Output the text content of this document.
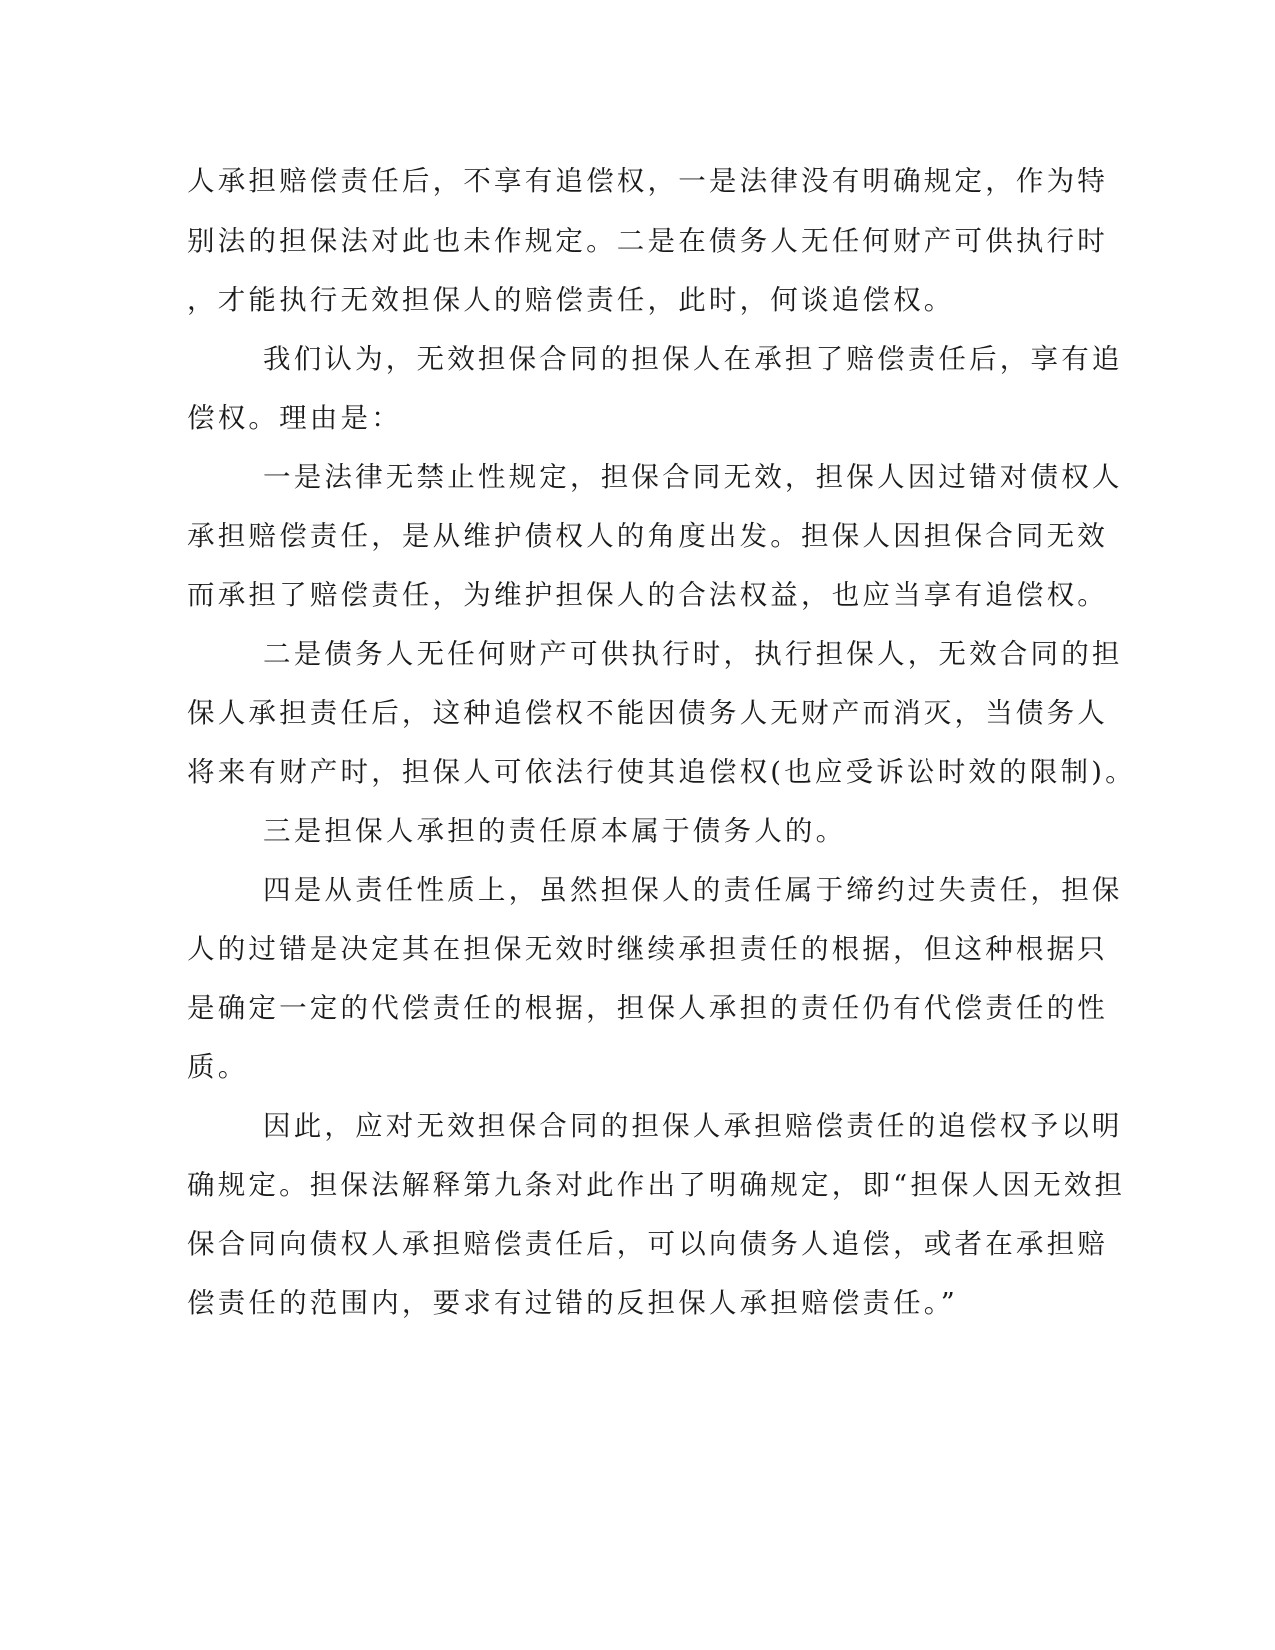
人承担赔偿责任后，不享有追偿权，一是法律没有明确规定，作为特
别法的担保法对此也未作规定。二是在债务人无任何财产可供执行时
，才能执行无效担保人的赔偿责任，此时，何谈追偿权。
我们认为，无效担保合同的担保人在承担了赔偿责任后，享有追
偿权。理由是：
一是法律无禁止性规定，担保合同无效，担保人因过错对债权人
承担赔偿责任，是从维护债权人的角度出发。担保人因担保合同无效
而承担了赔偿责任，为维护担保人的合法权益，也应当享有追偿权。
二是债务人无任何财产可供执行时，执行担保人，无效合同的担
保人承担责任后，这种追偿权不能因债务人无财产而消灭，当债务人
将来有财产时，担保人可依法行使其追偿权(也应受诉讼时效的限制)。
三是担保人承担的责任原本属于债务人的。
四是从责任性质上，虽然担保人的责任属于缔约过失责任，担保
人的过错是决定其在担保无效时继续承担责任的根据，但这种根据只
是确定一定的代偿责任的根据，担保人承担的责任仍有代偿责任的性
质。
因此，应对无效担保合同的担保人承担赔偿责任的追偿权予以明
确规定。担保法解释第九条对此作出了明确规定，即“担保人因无效担
保合同向债权人承担赔偿责任后，可以向债务人追偿，或者在承担赔
偿责任的范围内，要求有过错的反担保人承担赔偿责任。”
